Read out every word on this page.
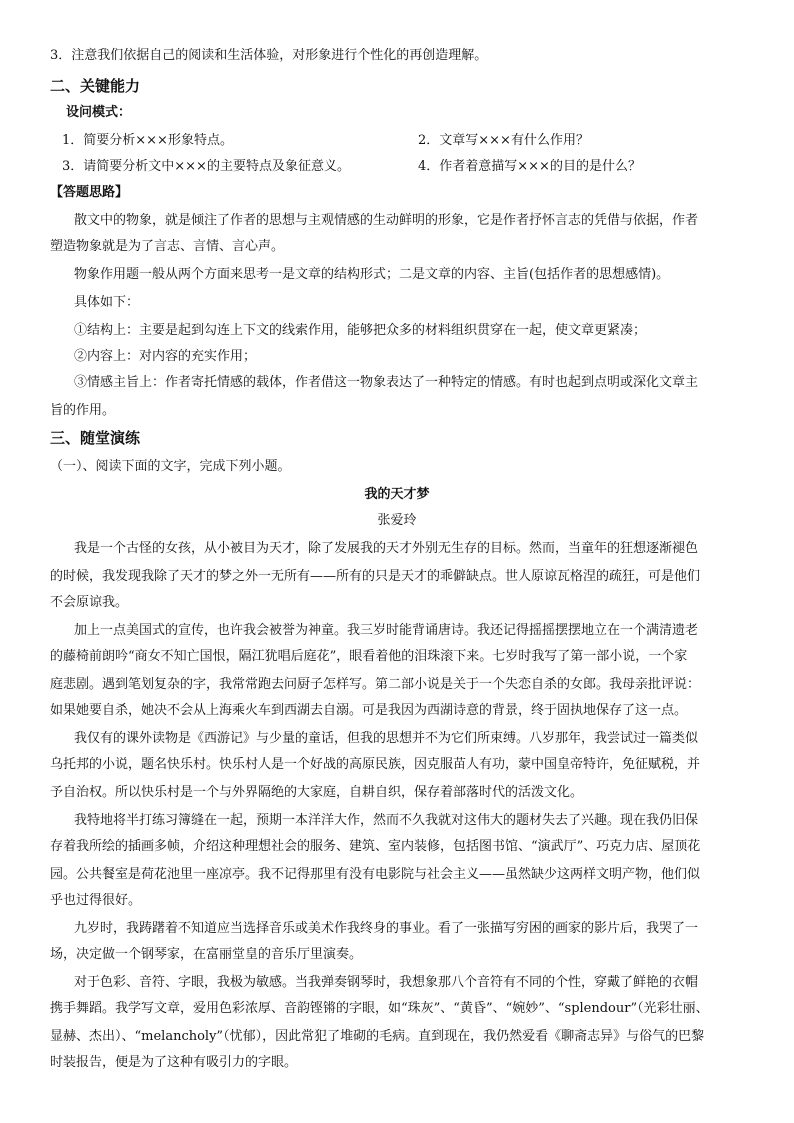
3．注意我们依据自己的阅读和生活体验，对形象进行个性化的再创造理解。
二、关键能力
设问模式：
1．简要分析×××形象特点。	2．文章写×××有什么作用？
3．请简要分析文中×××的主要特点及象征意义。	4．作者着意描写×××的目的是什么？
【答题思路】
散文中的物象，就是倾注了作者的思想与主观情感的生动鲜明的形象，它是作者抒怀言志的凭借与依据，作者
塑造物象就是为了言志、言情、言心声。
物象作用题一般从两个方面来思考一是文章的结构形式；二是文章的内容、主旨(包括作者的思想感情)。
具体如下：
①结构上：主要是起到勾连上下文的线索作用，能够把众多的材料组织贯穿在一起，使文章更紧凑；
②内容上：对内容的充实作用；
③情感主旨上：作者寄托情感的载体，作者借这一物象表达了一种特定的情感。有时也起到点明或深化文章主
旨的作用。
三、随堂演练
（一）、阅读下面的文字，完成下列小题。
我的天才梦
张爱玲
我是一个古怪的女孩，从小被目为天才，除了发展我的天才外别无生存的目标。然而，当童年的狂想逐渐褪色
的时候，我发现我除了天才的梦之外一无所有——所有的只是天才的乖僻缺点。世人原谅瓦格涅的疏狂，可是他们
不会原谅我。
加上一点美国式的宣传，也许我会被誉为神童。我三岁时能背诵唐诗。我还记得摇摇摆摆地立在一个满清遗老
的藤椅前朗吟“商女不知亡国恨，隔江犹唱后庭花”，眼看着他的泪珠滚下来。七岁时我写了第一部小说，一个家
庭悲剧。遇到笔划复杂的字，我常常跑去问厨子怎样写。第二部小说是关于一个失恋自杀的女郎。我母亲批评说：
如果她要自杀，她决不会从上海乘火车到西湖去自溺。可是我因为西湖诗意的背景，终于固执地保存了这一点。
我仅有的课外读物是《西游记》与少量的童话，但我的思想并不为它们所束缚。八岁那年，我尝试过一篇类似
乌托邦的小说，题名快乐村。快乐村人是一个好战的高原民族，因克服苗人有功，蒙中国皇帝特许，免征赋税，并
予自治权。所以快乐村是一个与外界隔绝的大家庭，自耕自织，保存着部落时代的活泼文化。
我特地将半打练习簿缝在一起，预期一本洋洋大作，然而不久我就对这伟大的题材失去了兴趣。现在我仍旧保
存着我所绘的插画多帧，介绍这种理想社会的服务、建筑、室内装修，包括图书馆、“演武厅”、巧克力店、屋顶花
园。公共餐室是荷花池里一座凉亭。我不记得那里有没有电影院与社会主义——虽然缺少这两样文明产物，他们似
乎也过得很好。
九岁时，我踌躇着不知道应当选择音乐或美术作我终身的事业。看了一张描写穷困的画家的影片后，我哭了一
场，决定做一个钢琴家，在富丽堂皇的音乐厅里演奏。
对于色彩、音符、字眼，我极为敏感。当我弹奏钢琴时，我想象那八个音符有不同的个性，穿戴了鲜艳的衣帽
携手舞蹈。我学写文章，爱用色彩浓厚、音韵铿锵的字眼，如“珠灰”、“黄昏”、“婉妙”、“splendour”（光彩壮丽、
显赫、杰出）、“melancholy”（忧郁），因此常犯了堆砌的毛病。直到现在，我仍然爱看《聊斋志异》与俗气的巴黎
时装报告，便是为了这种有吸引力的字眼。
